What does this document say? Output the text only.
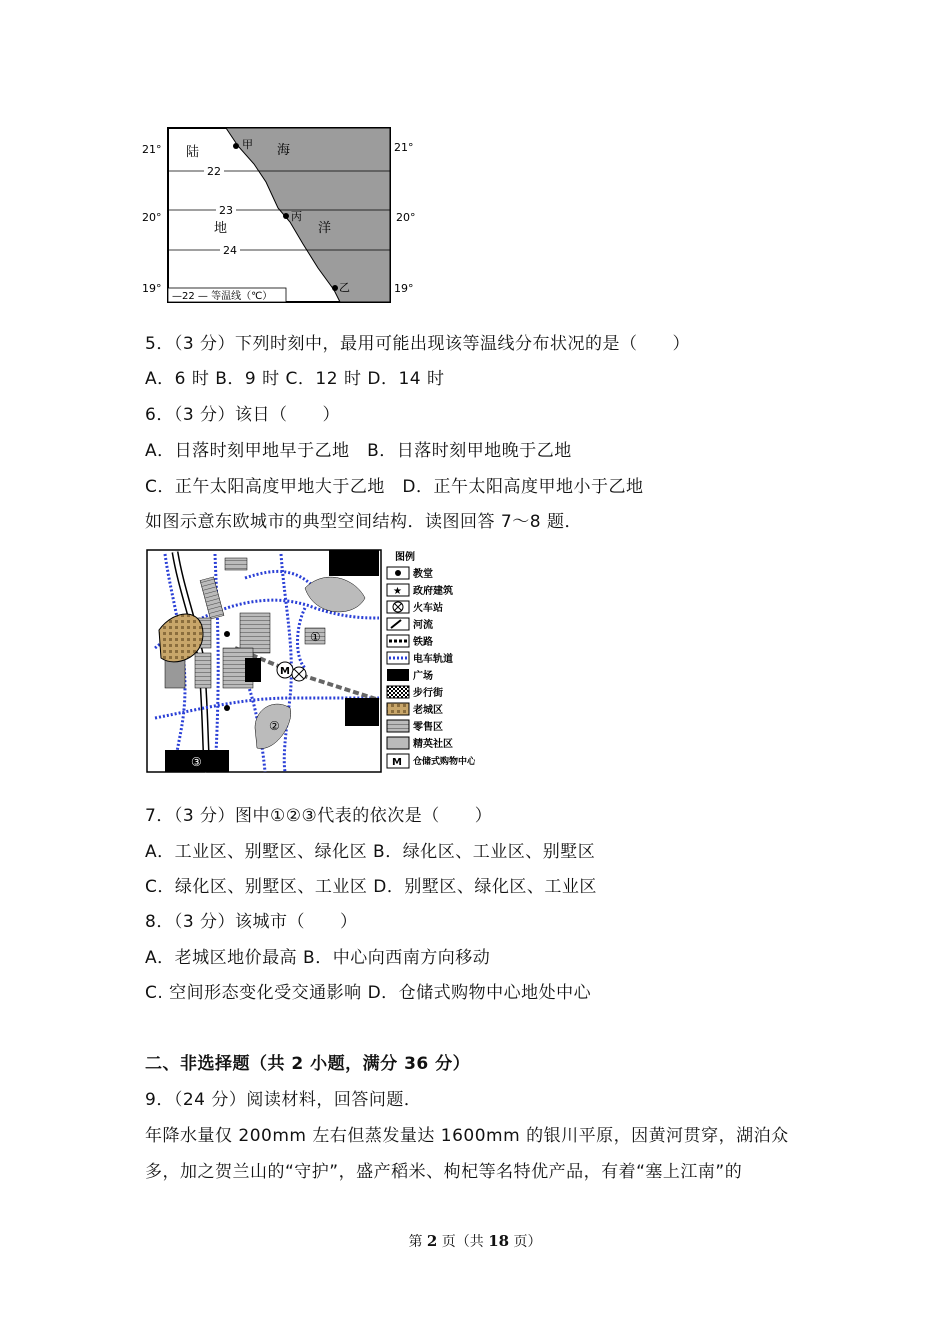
21°
20°
19°
21°
20°
19°
22
23
24
陆
地
海
洋
甲
丙
乙
—22 — 等温线（℃）
5．（3 分）下列时刻中，最用可能出现该等温线分布状况的是（　　）
A．6 时 B．9 时 C．12 时 D．14 时
6．（3 分）该日（　　）
A．日落时刻甲地早于乙地　B．日落时刻甲地晚于乙地
C．正午太阳高度甲地大于乙地　D．正午太阳高度甲地小于乙地
如图示意东欧城市的典型空间结构．读图回答 7～8 题．
M
①
②
③
图例
教堂
★ 政府建筑
火车站
河流
铁路
电车轨道
广场
步行街
老城区
零售区
精英社区
M 仓储式购物中心
7．（3 分）图中①②③代表的依次是（　　）
A．工业区、别墅区、绿化区 B．绿化区、工业区、别墅区
C．绿化区、别墅区、工业区 D．别墅区、绿化区、工业区
8．（3 分）该城市（　　）
A．老城区地价最高 B．中心向西南方向移动
C. 空间形态变化受交通影响 D．仓储式购物中心地处中心
二、非选择题（共 2 小题，满分 36 分）
9．（24 分）阅读材料，回答问题．
年降水量仅 200mm 左右但蒸发量达 1600mm 的银川平原，因黄河贯穿，湖泊众
多，加之贺兰山的“守护”，盛产稻米、枸杞等名特优产品，有着“塞上江南”的
第 2 页（共 18 页）
